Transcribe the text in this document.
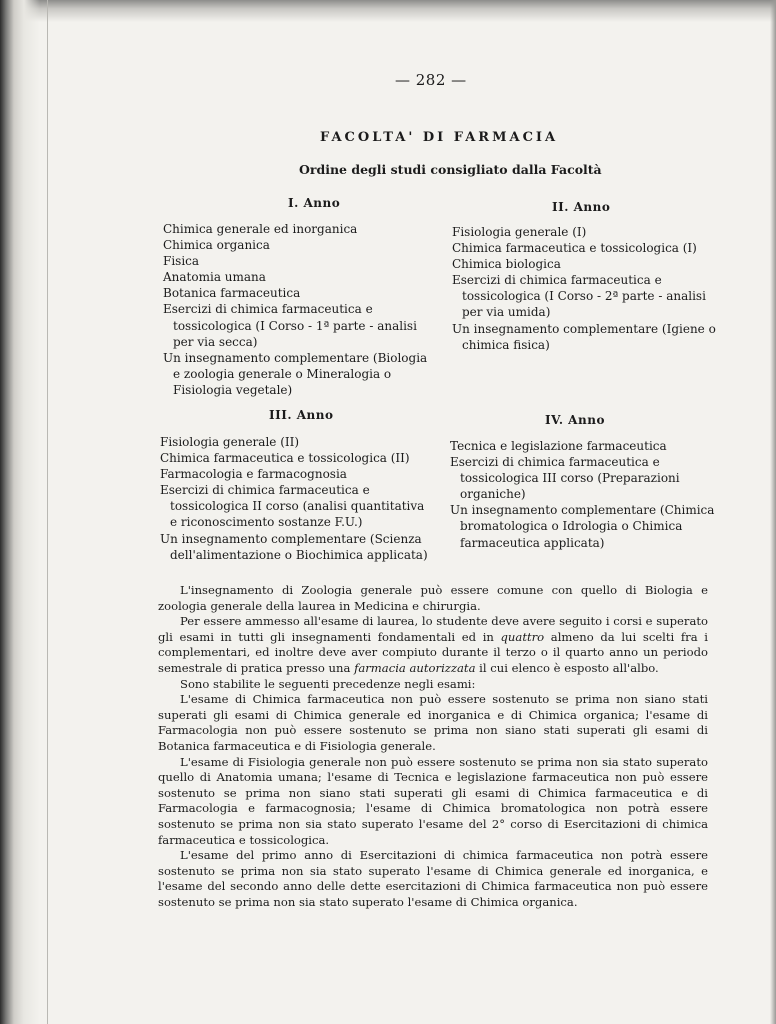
— 282 —
FACOLTA' DI FARMACIA
Ordine degli studi consigliato dalla Facoltà
I. Anno

Chimica generale ed inorganica

Chimica organica

Fisica

Anatomia umana

Botanica farmaceutica

Esercizi di chimica farmaceutica e tossicologica (I Corso - 1ª parte - analisi per via secca)

Un insegnamento complementare (Biologia e zoologia generale o Mineralogia o Fisiologia vegetale)

II. Anno

Fisiologia generale (I)

Chimica farmaceutica e tossicologica (I)

Chimica biologica

Esercizi di chimica farmaceutica e tossicologica (I Corso - 2ª parte - analisi per via umida)

Un insegnamento complementare (Igiene o chimica fisica)

III. Anno

Fisiologia generale (II)

Chimica farmaceutica e tossicologica (II)

Farmacologia e farmacognosia

Esercizi di chimica farmaceutica e tossicologica II corso (analisi quantitativa e riconoscimento sostanze F.U.)

Un insegnamento complementare (Scienza dell'alimentazione o Biochimica applicata)

IV. Anno

Tecnica e legislazione farmaceutica

Esercizi di chimica farmaceutica e tossicologica III corso (Preparazioni organiche)

Un insegnamento complementare (Chimica bromatologica o Idrologia o Chimica farmaceutica applicata)

L'insegnamento di Zoologia generale può essere comune con quello di Biologia e zoologia generale della laurea in Medicina e chirurgia.

Per essere ammesso all'esame di laurea, lo studente deve avere seguito i corsi e superato gli esami in tutti gli insegnamenti fondamentali ed in quattro almeno da lui scelti fra i complementari, ed inoltre deve aver compiuto durante il terzo o il quarto anno un periodo semestrale di pratica presso una farmacia autorizzata il cui elenco è esposto all'albo.

Sono stabilite le seguenti precedenze negli esami:

L'esame di Chimica farmaceutica non può essere sostenuto se prima non siano stati superati gli esami di Chimica generale ed inorganica e di Chimica organica; l'esame di Farmacologia non può essere sostenuto se prima non siano stati superati gli esami di Botanica farmaceutica e di Fisiologia generale.

L'esame di Fisiologia generale non può essere sostenuto se prima non sia stato superato quello di Anatomia umana; l'esame di Tecnica e legislazione farmaceutica non può essere sostenuto se prima non siano stati superati gli esami di Chimica farmaceutica e di Farmacologia e farmacognosia; l'esame di Chimica bromatologica non potrà essere sostenuto se prima non sia stato superato l'esame del 2° corso di Esercitazioni di chimica farmaceutica e tossicologica.

L'esame del primo anno di Esercitazioni di chimica farmaceutica non potrà essere sostenuto se prima non sia stato superato l'esame di Chimica generale ed inorganica, e l'esame del secondo anno delle dette esercitazioni di Chimica farmaceutica non può essere sostenuto se prima non sia stato superato l'esame di Chimica organica.
